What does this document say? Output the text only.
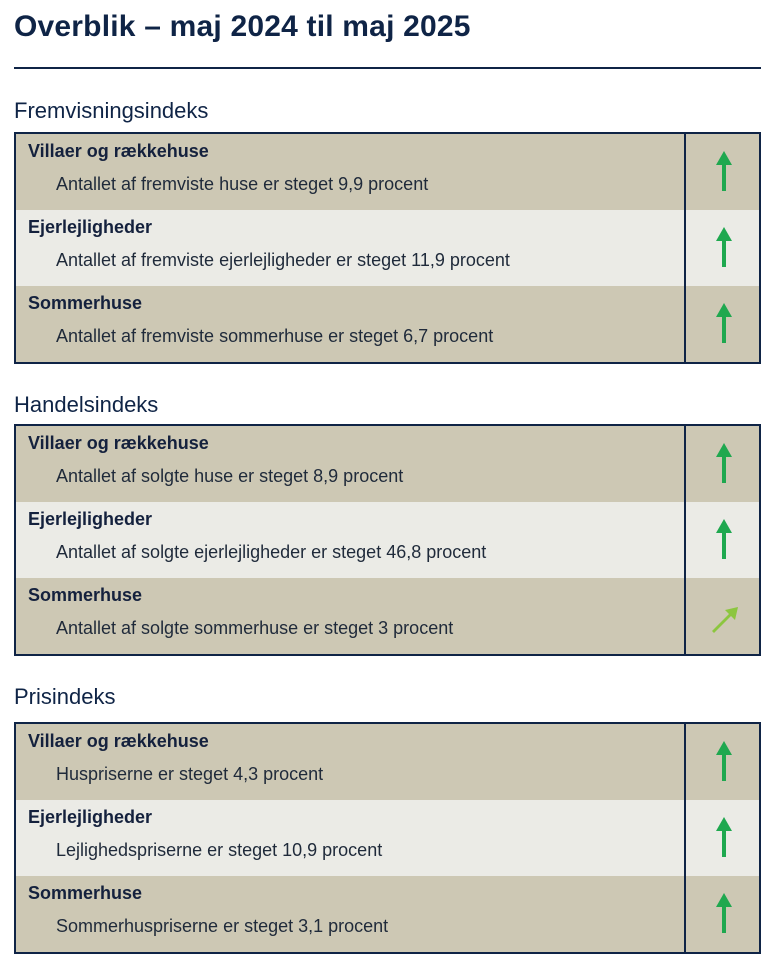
Overblik – maj 2024 til maj 2025
Fremvisningsindeks
Villaer og rækkehuse
Antallet af fremviste huse er steget 9,9 procent
Ejerlejligheder
Antallet af fremviste ejerlejligheder er steget 11,9 procent
Sommerhuse
Antallet af fremviste sommerhuse er steget 6,7 procent
Handelsindeks
Villaer og rækkehuse
Antallet af solgte huse er steget 8,9 procent
Ejerlejligheder
Antallet af solgte ejerlejligheder er steget 46,8 procent
Sommerhuse
Antallet af solgte sommerhuse er steget 3 procent
Prisindeks
Villaer og rækkehuse
Huspriserne er steget 4,3 procent
Ejerlejligheder
Lejlighedspriserne er steget 10,9 procent
Sommerhuse
Sommerhuspriserne er steget 3,1 procent
